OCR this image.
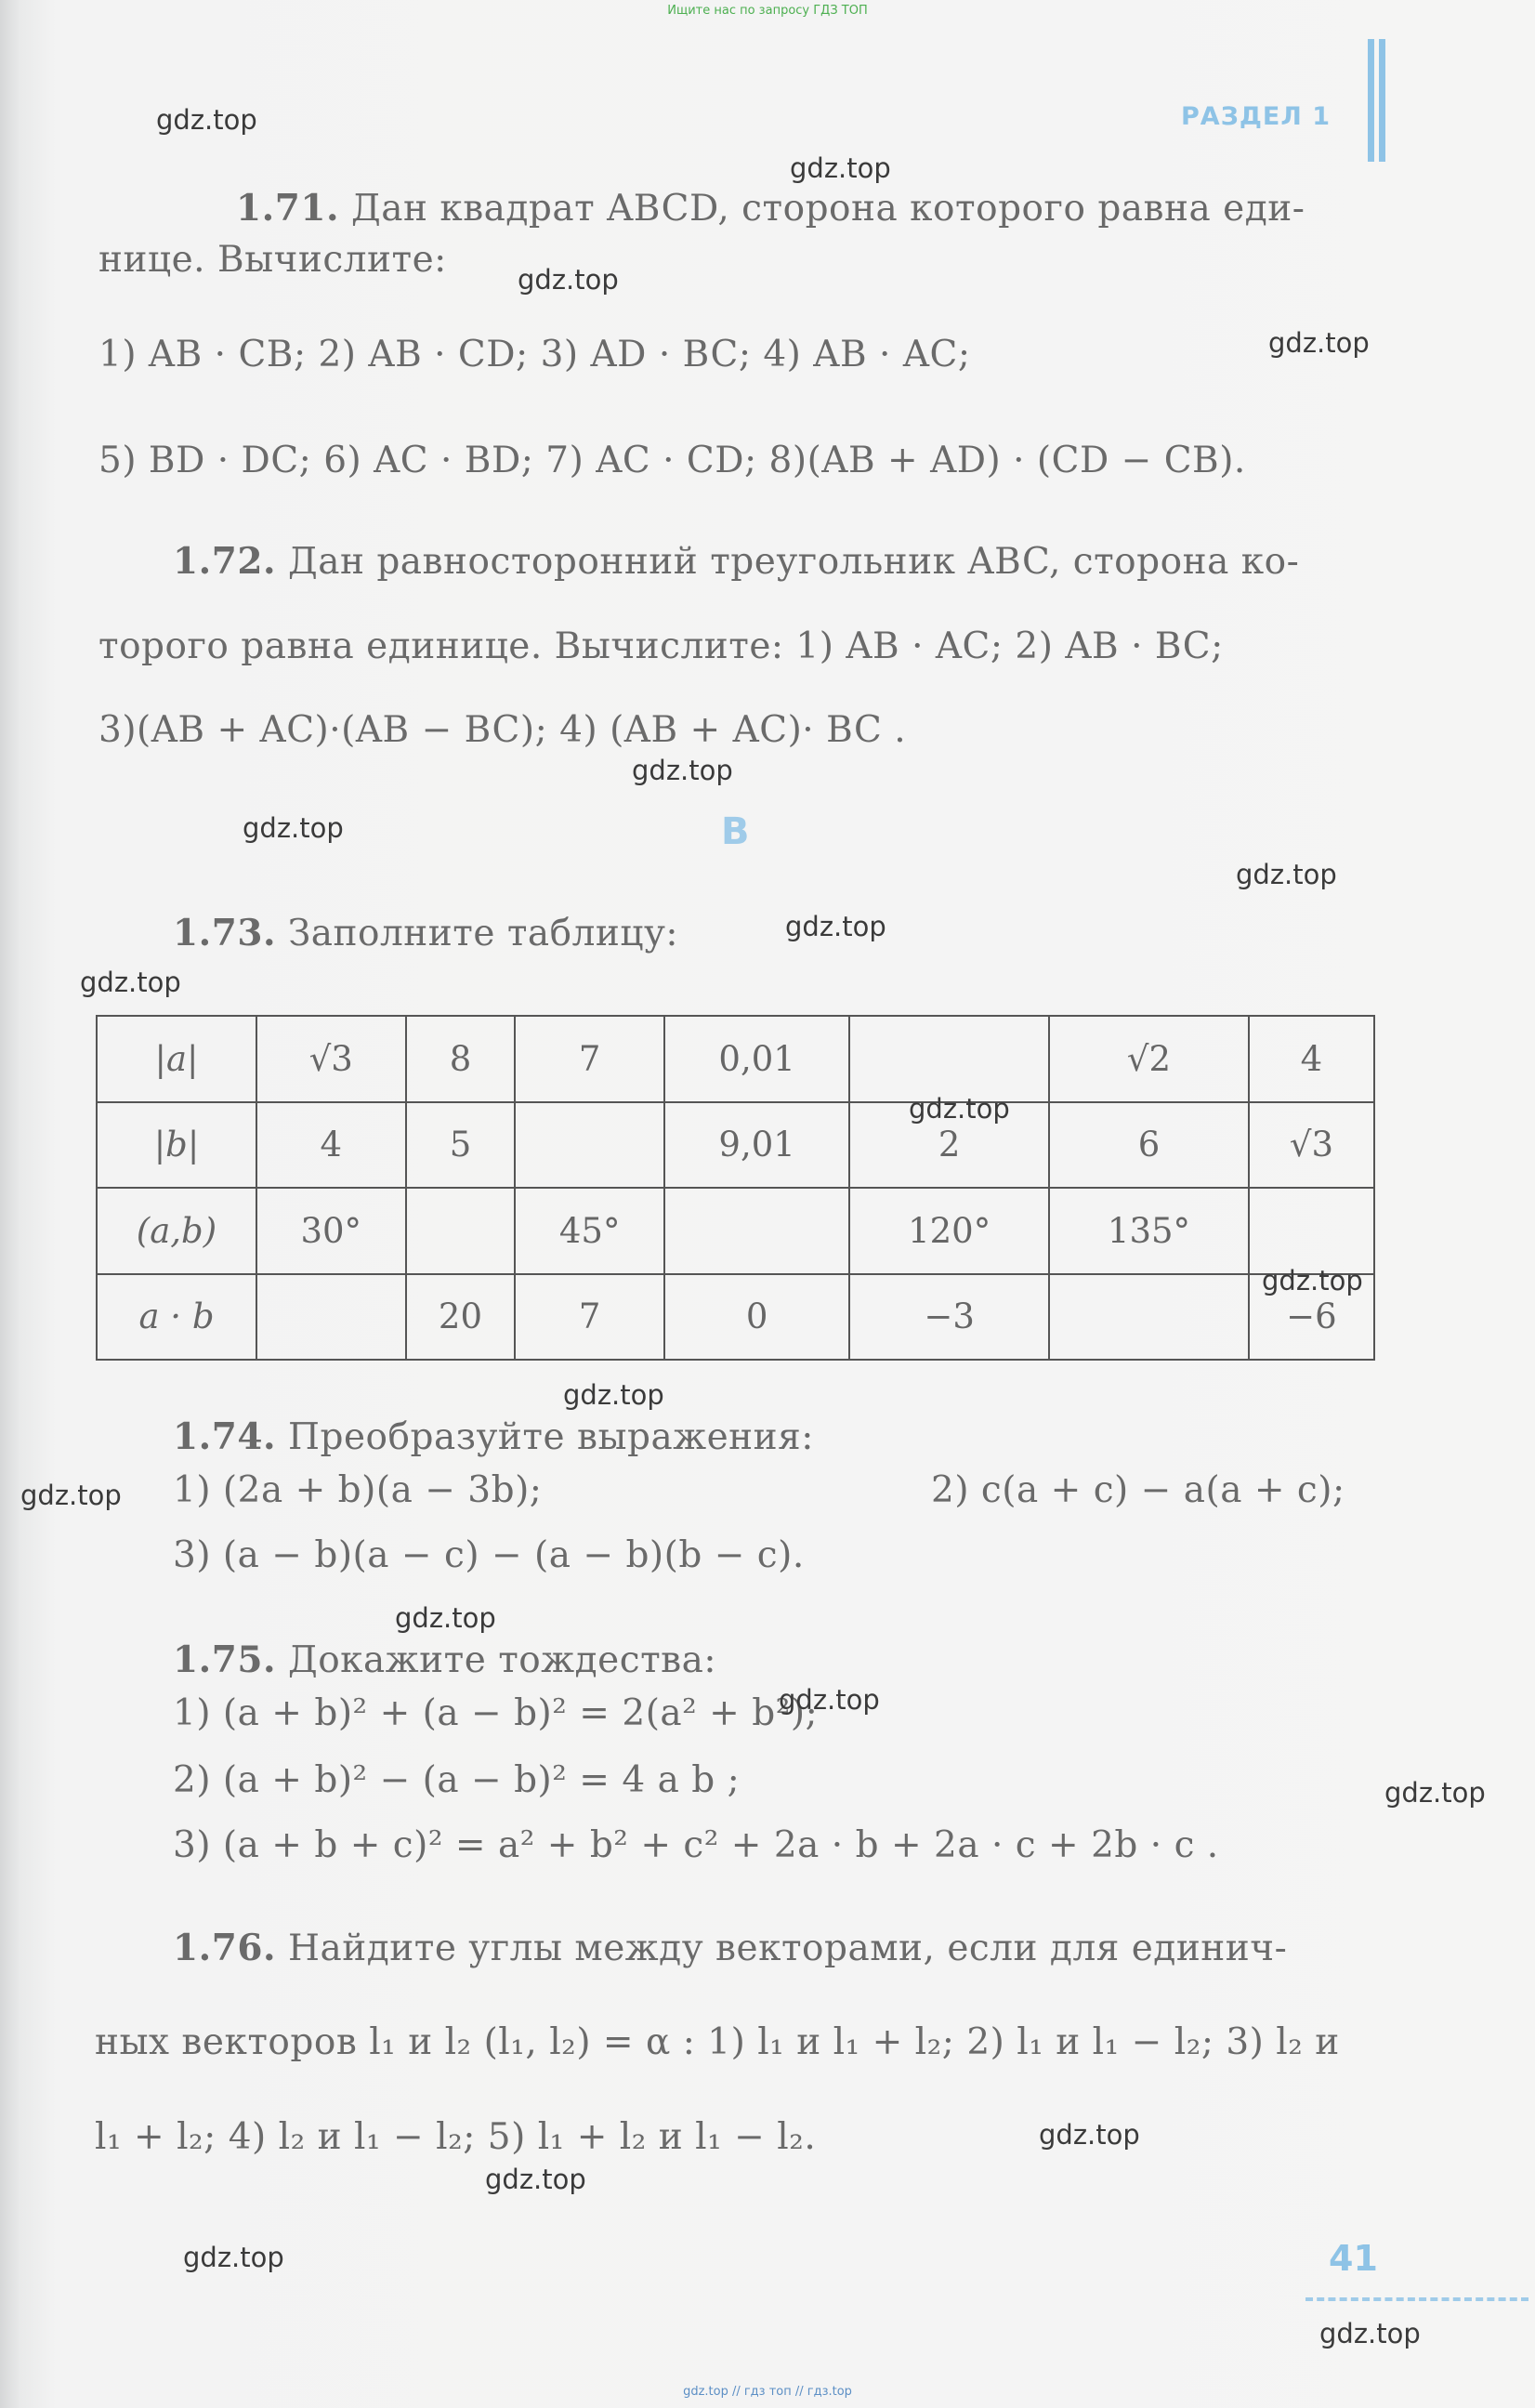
Ищите нас по запросу ГДЗ ТОП
РАЗДЕЛ 1
1.71. Дан квадрат ABCD, сторона которого равна еди-
нице. Вычислите:
1) AB · CB; 2) AB · CD; 3) AD · BC; 4) AB · AC;
5) BD · DC; 6) AC · BD; 7) AC · CD; 8)(AB + AD) · (CD − CB).
1.72. Дан равносторонний треугольник ABC, сторона ко-
торого равна единице. Вычислите: 1) AB · AC; 2) AB · BC;
3)(AB + AC)·(AB − BC); 4) (AB + AC)· BC .
B
1.73. Заполните таблицу:
|a|	√3	8	7	0,01		√2	4
|b|	4	5		9,01	2	6	√3
(a,b)	30°		45°		120°	135°	
a · b		20	7	0	−3		−6
1.74. Преобразуйте выражения:
1) (2a + b)(a − 3b);	2) c(a + c) − a(a + c);
3) (a − b)(a − c) − (a − b)(b − c).
1.75. Докажите тождества:
1) (a + b)² + (a − b)² = 2(a² + b²);
2) (a + b)² − (a − b)² = 4 a b ;
3) (a + b + c)² = a² + b² + c² + 2a · b + 2a · c + 2b · c .
1.76. Найдите углы между векторами, если для единич-
ных векторов l₁ и l₂ (l₁, l₂) = α : 1) l₁ и l₁ + l₂; 2) l₁ и l₁ − l₂; 3) l₂ и
l₁ + l₂; 4) l₂ и l₁ − l₂; 5) l₁ + l₂ и l₁ − l₂.
41
gdz.top
gdz.top
gdz.top
gdz.top
gdz.top
gdz.top
gdz.top
gdz.top
gdz.top
gdz.top
gdz.top
gdz.top
gdz.top
gdz.top
gdz.top
gdz.top
gdz.top
gdz.top
gdz.top
gdz.top
gdz.top // гдз топ // гдз.top
